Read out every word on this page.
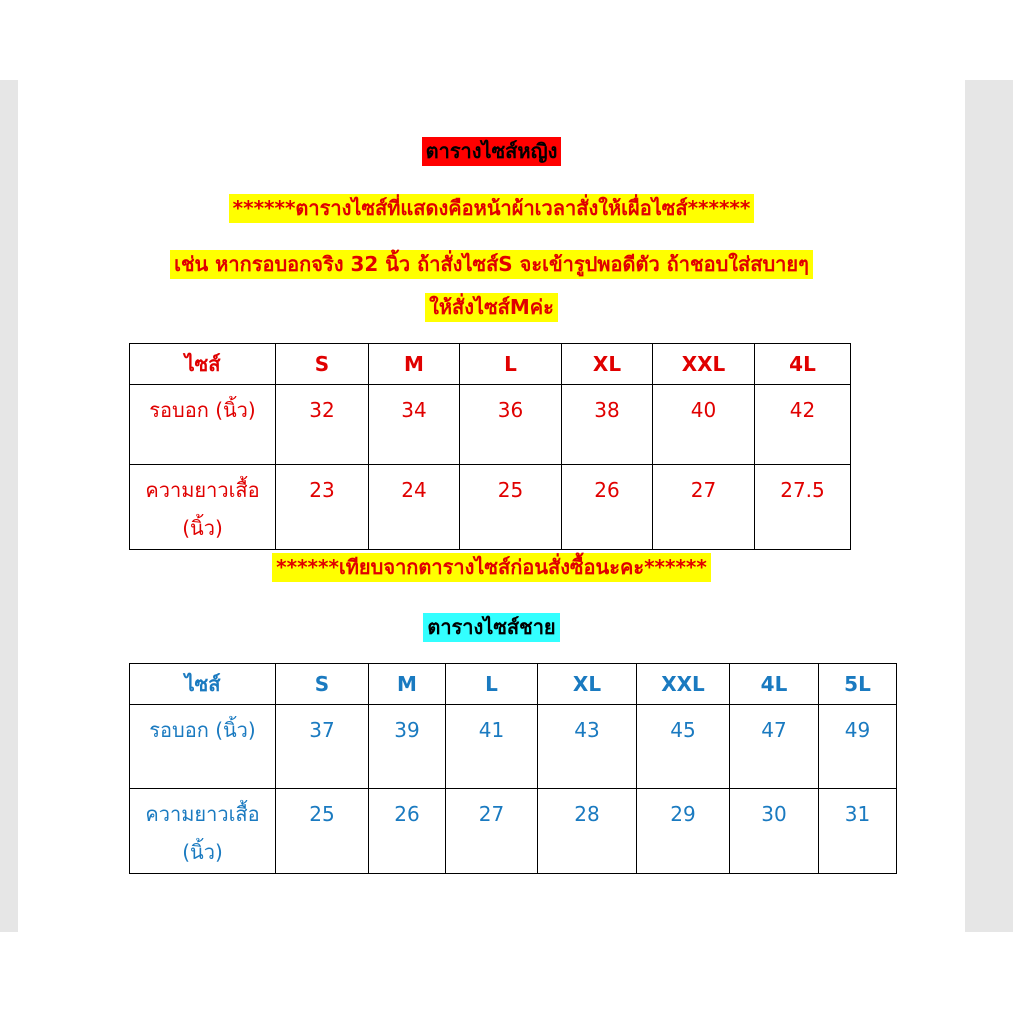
ตารางไซส์หญิง
******ตารางไซส์ที่แสดงคือหน้าผ้าเวลาสั่งให้เผื่อไซส์******
เช่น หากรอบอกจริง 32 นิ้ว ถ้าสั่งไซส์S จะเข้ารูปพอดีตัว ถ้าชอบใส่สบายๆ
ให้สั่งไซส์Mค่ะ
ไซส์	S	M	L	XL	XXL	4L
รอบอก (นิ้ว)	32	34	36	38	40	42
ความยาวเสื้อ (นิ้ว)	23	24	25	26	27	27.5
******เทียบจากตารางไซส์ก่อนสั่งซื้อนะคะ******
ตารางไซส์ชาย
ไซส์	S	M	L	XL	XXL	4L	5L
รอบอก (นิ้ว)	37	39	41	43	45	47	49
ความยาวเสื้อ (นิ้ว)	25	26	27	28	29	30	31
